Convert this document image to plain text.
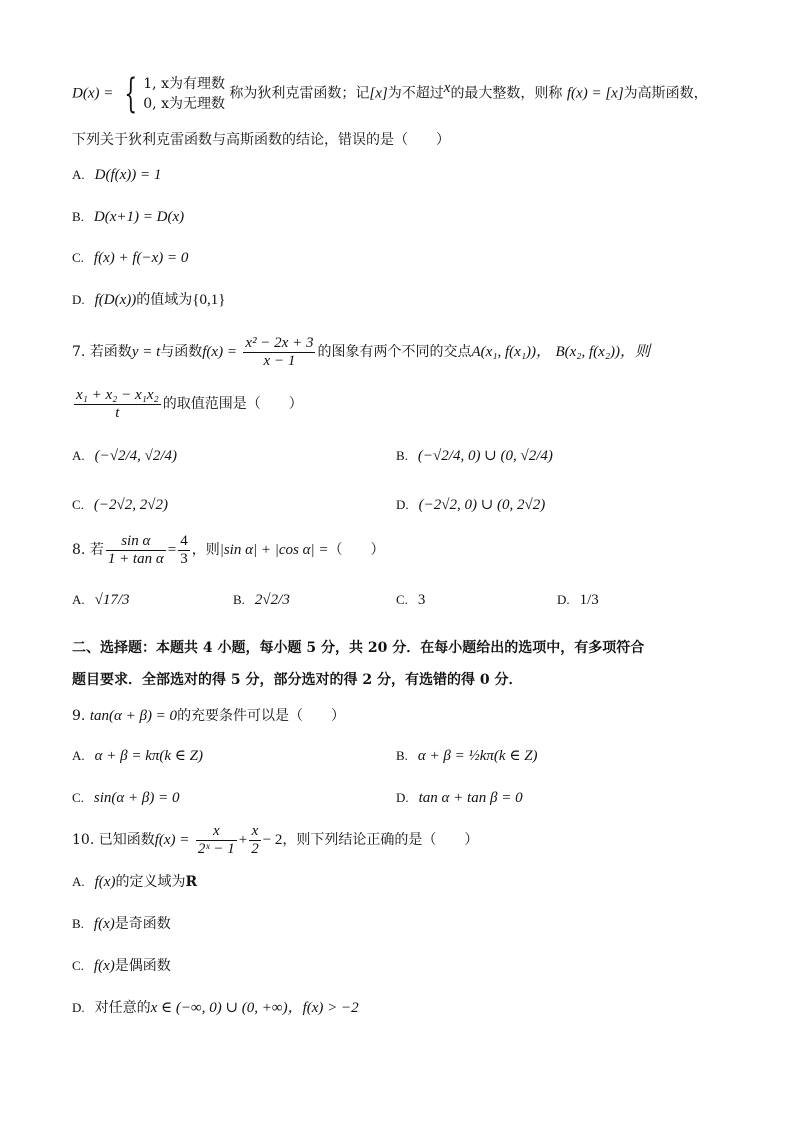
D(x) = { 1, x为有理数
0, x为无理数
称为狄利克雷函数；记[x]为不超过$^x$的最大整数，则称 f(x) = [x]为高斯函数，
下列关于狄利克雷函数与高斯函数的结论，错误的是（　　）
A. D(f(x)) = 1
B. D(x+1) = D(x)
C. f(x) + f(−x) = 0
D. f(D(x))的值域为{0,1}
7. 若函数y = t与函数$f(x) = \frac{\text{x² − 2x + 3}}{x - 1}$ 的图象有两个不同的交点A(x₁, f(x₁))， B(x₂, f(x₂))，则
$\frac{\text{x₁ + x₂ − x₁x₂}}{t}$ 的取值范围是（　　）
A. (−√2/4, √2/4)	B. (−√2/4, 0) ∪ (0, √2/4)
C. (−2√2, 2√2)	D. (−2√2, 0) ∪ (0, 2√2)
8. 若 $\frac{\text{sin α}}{\text{1 + tan α}} = \frac{4}{3}$ ，则|sin α| + |cos α| =（　　）
A. √17/3	B. 2√2/3	C. 3	D. 1/3
二、选择题：本题共 4 小题，每小题 5 分，共 20 分．在每小题给出的选项中，有多项符合
题目要求．全部选对的得 5 分，部分选对的得 2 分，有选错的得 0 分．
9. tan(α + β) = 0的充要条件可以是（　　）
A. α + β = kπ(k ∈ Z)	B. α + β = ½kπ(k ∈ Z)
C. sin(α + β) = 0	D. tan α + tan β = 0
10. 已知函数$f(x) = \frac{x}{\text{2ˣ − 1}} + \frac{x}{2} - 2$，则下列结论正确的是（　　）
A. f(x)的定义域为R
B. f(x)是奇函数
C. f(x)是偶函数
D. 对任意的x ∈ (−∞, 0) ∪ (0, +∞)，f(x) > −2
